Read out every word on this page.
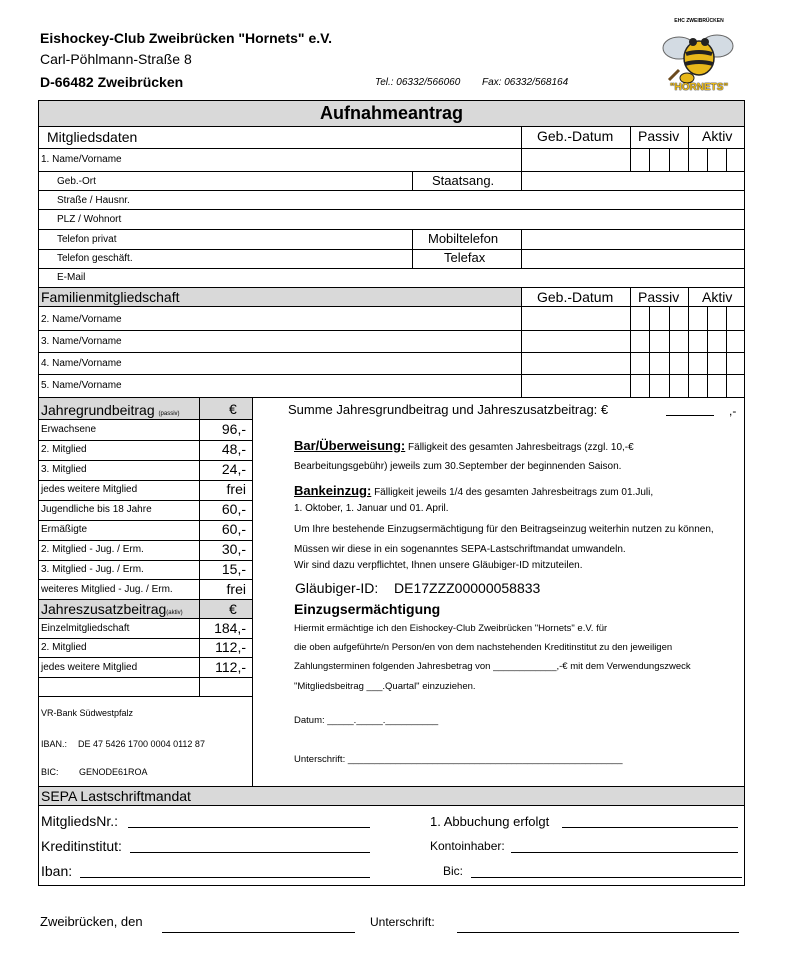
Eishockey-Club Zweibrücken "Hornets" e.V.
Carl-Pöhlmann-Straße 8
D-66482 Zweibrücken	Tel.: 06332/566060 Fax: 06332/568164
EHC ZWEIBRÜCKEN
"HORNETS"
Aufnahmeantrag
Mitgliedsdaten	Geb.-Datum Passiv Aktiv
1. Name/Vorname
Geb.-Ort	Staatsang.
Straße / Hausnr.
PLZ / Wohnort
Telefon privat	Mobiltelefon
Telefon geschäft.	Telefax
E-Mail
Familienmitgliedschaft	Geb.-Datum Passiv Aktiv
2. Name/Vorname
3. Name/Vorname
4. Name/Vorname
5. Name/Vorname
Jahregrundbeitrag (passiv)	€
Erwachsene	96,-
2. Mitglied	48,-
3. Mitglied	24,-
jedes weitere Mitglied	frei
Jugendliche bis 18 Jahre	60,-
Ermäßigte	60,-
2. Mitglied - Jug. / Erm.	30,-
3. Mitglied - Jug. / Erm.	15,-
weiteres Mitglied - Jug. / Erm.	frei
Jahreszusatzbeitrag(aktiv)	€
Einzelmitgliedschaft	184,-
2. Mitglied	112,-
jedes weitere Mitglied	112,-
VR-Bank Südwestpfalz
IBAN.: DE 47 5426 1700 0004 0112 87
BIC: GENODE61ROA
Summe Jahresgrundbeitrag und Jahreszusatzbeitrag: €	,-
Bar/Überweisung: Fälligkeit des gesamten Jahresbeitrags (zzgl. 10,-€
Bearbeitungsgebühr) jeweils zum 30.September der beginnenden Saison.
Bankeinzug: Fälligkeit jeweils 1/4 des gesamten Jahresbeitrags zum 01.Juli,
1. Oktober, 1. Januar und 01. April.
Um Ihre bestehende Einzugsermächtigung für den Beitragseinzug weiterhin nutzen zu können,
Müssen wir diese in ein sogenanntes SEPA-Lastschriftmandat umwandeln.
Wir sind dazu verpflichtet, Ihnen unsere Gläubiger-ID mitzuteilen.
Gläubiger-ID: DE17ZZZ00000058833
Einzugsermächtigung
Hiermit ermächtige ich den Eishockey-Club Zweibrücken "Hornets" e.V. für
die oben aufgeführte/n Person/en von dem nachstehenden Kreditinstitut zu den jeweiligen
Zahlungsterminen folgenden Jahresbetrag von ____________,-€ mit dem Verwendungszweck
"Mitgliedsbeitrag ___.Quartal" einzuziehen.
Datum: _____._____.__________
Unterschrift: ____________________________________________________
SEPA Lastschriftmandat
MitgliedsNr.:
Kreditinstitut:
Iban:
1. Abbuchung erfolgt
Kontoinhaber:
Bic:
Zweibrücken, den	Unterschrift:
